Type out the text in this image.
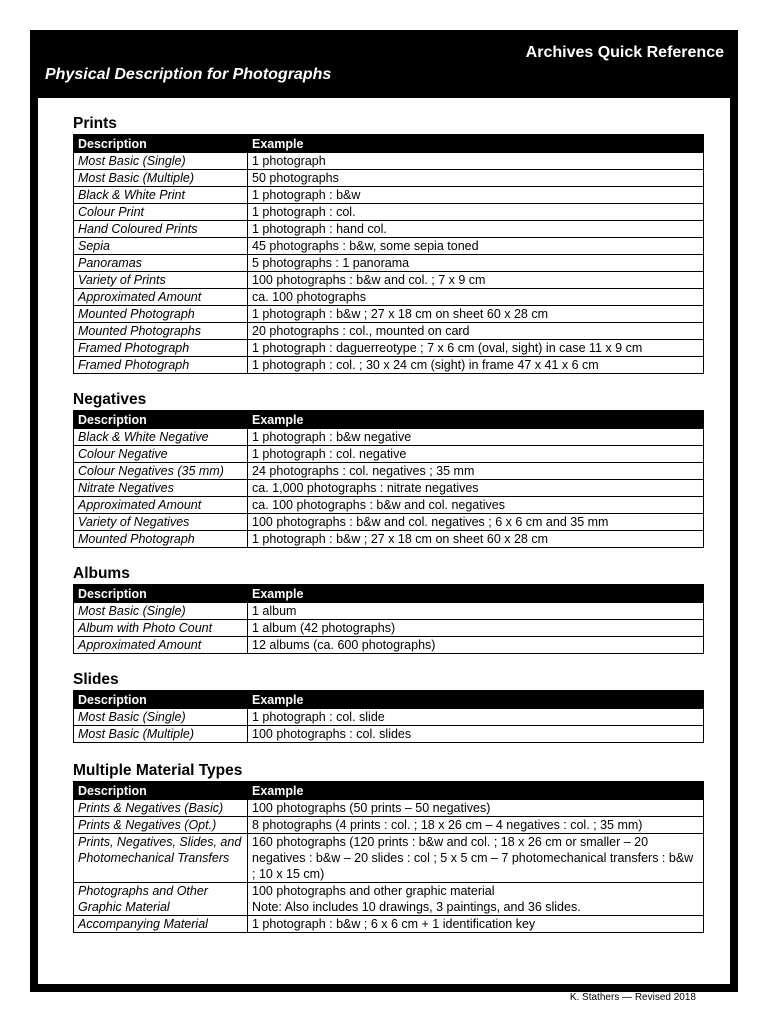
Archives Quick Reference
Physical Description for Photographs
Prints
Description	Example
Most Basic (Single)	1 photograph
Most Basic (Multiple)	50 photographs
Black & White Print	1 photograph : b&w
Colour Print	1 photograph : col.
Hand Coloured Prints	1 photograph : hand col.
Sepia	45 photographs : b&w, some sepia toned
Panoramas	5 photographs : 1 panorama
Variety of Prints	100 photographs : b&w and col. ; 7 x 9 cm
Approximated Amount	ca. 100 photographs
Mounted Photograph	1 photograph : b&w ; 27 x 18 cm on sheet 60 x 28 cm
Mounted Photographs	20 photographs : col., mounted on card
Framed Photograph	1 photograph : daguerreotype ; 7 x 6 cm (oval, sight) in case 11 x 9 cm
Framed Photograph	1 photograph : col. ; 30 x 24 cm (sight) in frame 47 x 41 x 6 cm
Negatives
Description	Example
Black & White Negative	1 photograph : b&w negative
Colour Negative	1 photograph : col. negative
Colour Negatives (35 mm)	24 photographs : col. negatives ; 35 mm
Nitrate Negatives	ca. 1,000 photographs : nitrate negatives
Approximated Amount	ca. 100 photographs : b&w and col. negatives
Variety of Negatives	100 photographs : b&w and col. negatives ; 6 x 6 cm and 35 mm
Mounted Photograph	1 photograph : b&w ; 27 x 18 cm on sheet 60 x 28 cm
Albums
Description	Example
Most Basic (Single)	1 album
Album with Photo Count	1 album (42 photographs)
Approximated Amount	12 albums (ca. 600 photographs)
Slides
Description	Example
Most Basic (Single)	1 photograph : col. slide
Most Basic (Multiple)	100 photographs : col. slides
Multiple Material Types
Description	Example
Prints & Negatives (Basic)	100 photographs (50 prints – 50 negatives)
Prints & Negatives (Opt.)	8 photographs (4 prints : col. ; 18 x 26 cm – 4 negatives : col. ; 35 mm)
Prints, Negatives, Slides, and Photomechanical Transfers	160 photographs (120 prints : b&w and col. ; 18 x 26 cm or smaller – 20 negatives : b&w – 20 slides : col ; 5 x 5 cm – 7 photomechanical transfers : b&w ; 10 x 15 cm)
Photographs and Other Graphic Material	100 photographs and other graphic material
Note: Also includes 10 drawings, 3 paintings, and 36 slides.
Accompanying Material	1 photograph : b&w ; 6 x 6 cm + 1 identification key
K. Stathers — Revised 2018
